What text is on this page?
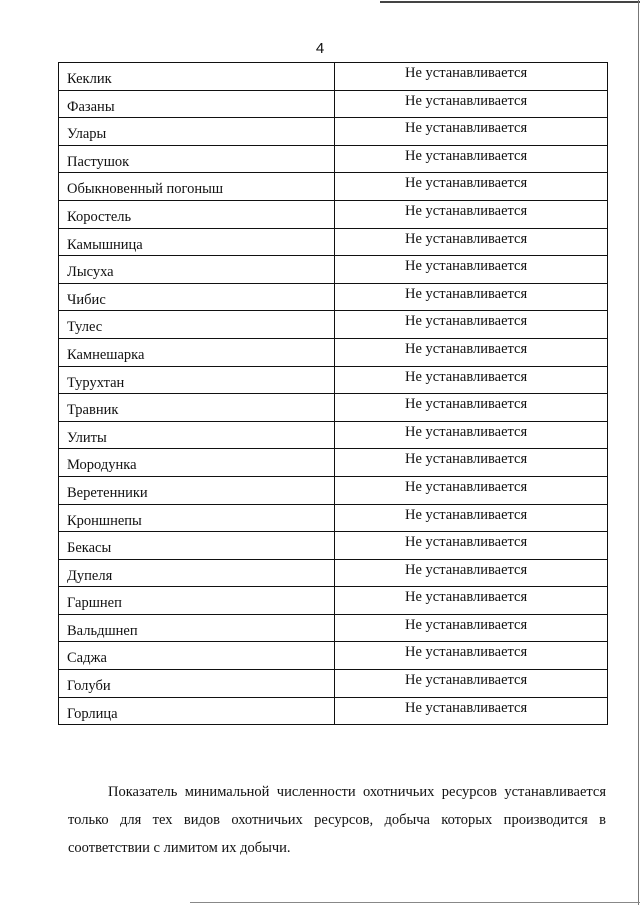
4
Кеклик	Не устанавливается
Фазаны	Не устанавливается
Улары	Не устанавливается
Пастушок	Не устанавливается
Обыкновенный погоныш	Не устанавливается
Коростель	Не устанавливается
Камышница	Не устанавливается
Лысуха	Не устанавливается
Чибис	Не устанавливается
Тулес	Не устанавливается
Камнешарка	Не устанавливается
Турухтан	Не устанавливается
Травник	Не устанавливается
Улиты	Не устанавливается
Мородунка	Не устанавливается
Веретенники	Не устанавливается
Кроншнепы	Не устанавливается
Бекасы	Не устанавливается
Дупеля	Не устанавливается
Гаршнеп	Не устанавливается
Вальдшнеп	Не устанавливается
Саджа	Не устанавливается
Голуби	Не устанавливается
Горлица	Не устанавливается

Показатель минимальной численности охотничьих ресурсов устанавливается только для тех видов охотничьих ресурсов, добыча которых производится в соответствии с лимитом их добычи.
